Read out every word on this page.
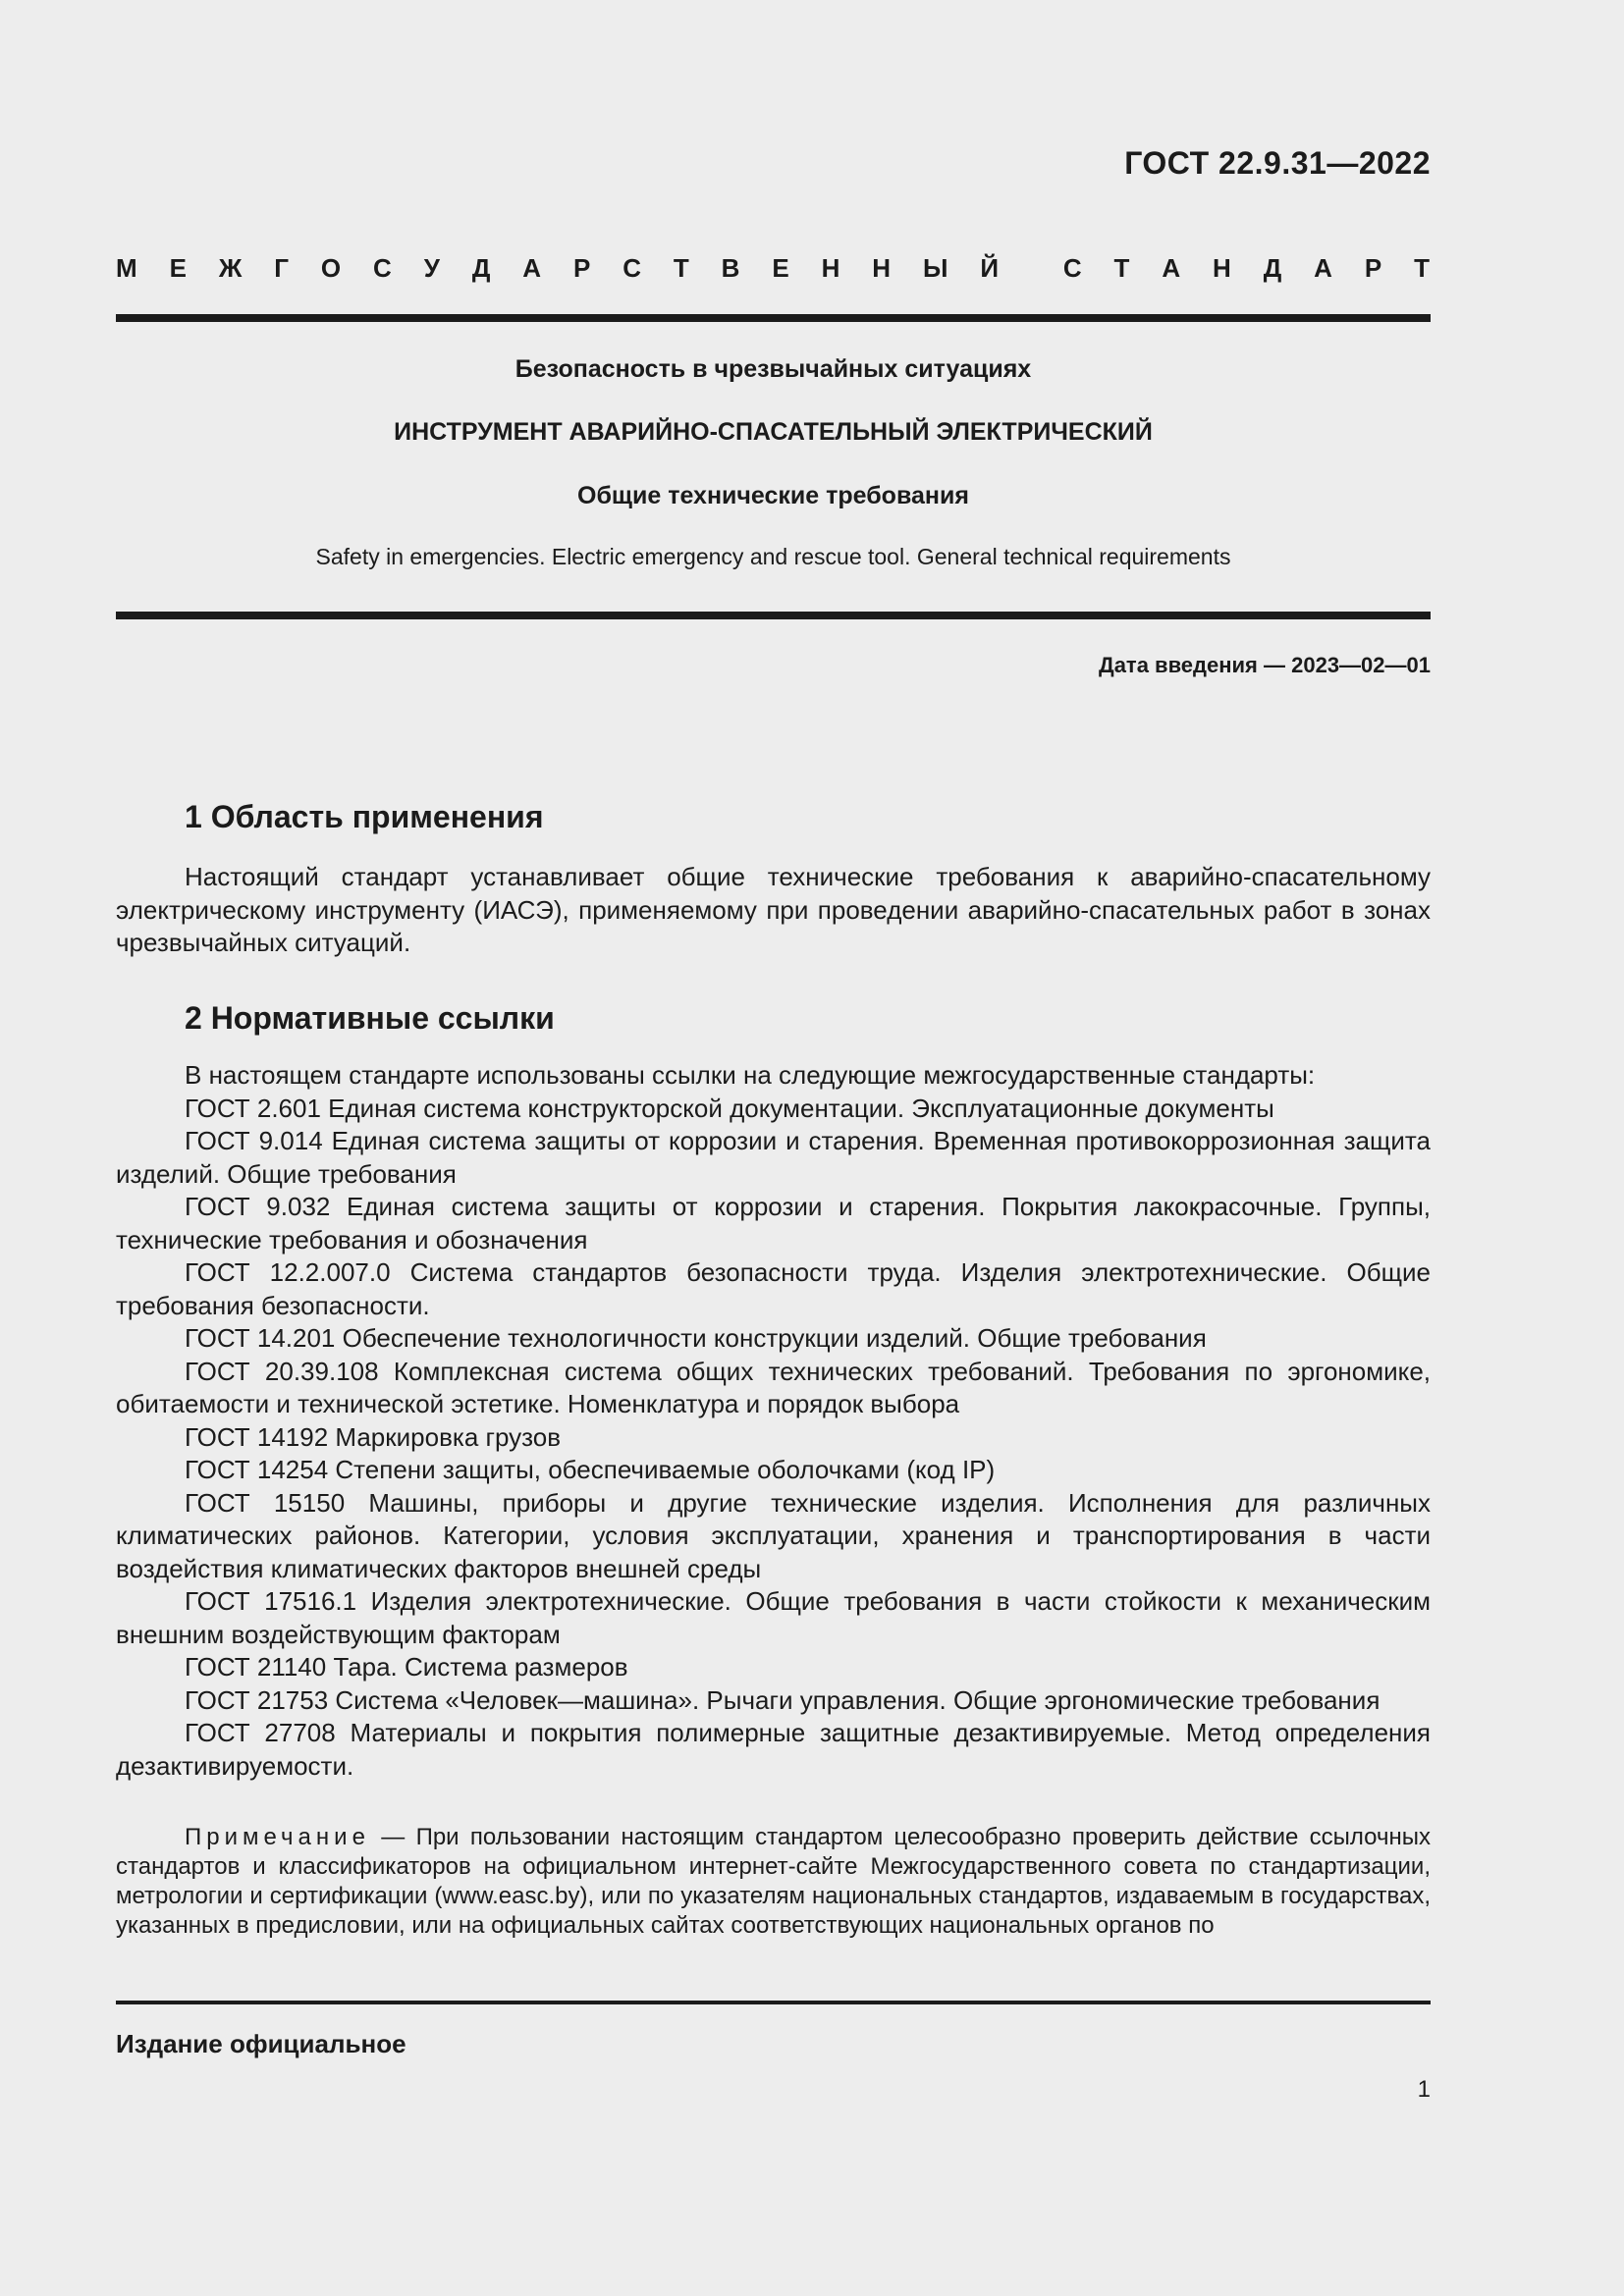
ГОСТ 22.9.31—2022
М Е Ж Г О С У Д А Р С Т В Е Н Н Ы Й	С Т А Н Д А Р Т
Безопасность в чрезвычайных ситуациях
ИНСТРУМЕНТ АВАРИЙНО-СПАСАТЕЛЬНЫЙ ЭЛЕКТРИЧЕСКИЙ
Общие технические требования
Safety in emergencies. Electric emergency and rescue tool. General technical requirements
Дата введения — 2023—02—01
1 Область применения

Настоящий стандарт устанавливает общие технические требования к аварийно-спасательному электрическому инструменту (ИАСЭ), применяемому при проведении аварийно-спасательных работ в зонах чрезвычайных ситуаций.

2 Нормативные ссылки

В настоящем стандарте использованы ссылки на следующие межгосударственные стандарты:

ГОСТ 2.601 Единая система конструкторской документации. Эксплуатационные документы

ГОСТ 9.014 Единая система защиты от коррозии и старения. Временная противокоррозионная защита изделий. Общие требования

ГОСТ 9.032 Единая система защиты от коррозии и старения. Покрытия лакокрасочные. Группы, технические требования и обозначения

ГОСТ 12.2.007.0 Система стандартов безопасности труда. Изделия электротехнические. Общие требования безопасности.

ГОСТ 14.201 Обеспечение технологичности конструкции изделий. Общие требования

ГОСТ 20.39.108 Комплексная система общих технических требований. Требования по эргономике, обитаемости и технической эстетике. Номенклатура и порядок выбора

ГОСТ 14192 Маркировка грузов

ГОСТ 14254 Степени защиты, обеспечиваемые оболочками (код IP)

ГОСТ 15150 Машины, приборы и другие технические изделия. Исполнения для различных климатических районов. Категории, условия эксплуатации, хранения и транспортирования в части воздействия климатических факторов внешней среды

ГОСТ 17516.1 Изделия электротехнические. Общие требования в части стойкости к механическим внешним воздействующим факторам

ГОСТ 21140 Тара. Система размеров

ГОСТ 21753 Система «Человек—машина». Рычаги управления. Общие эргономические требования

ГОСТ 27708 Материалы и покрытия полимерные защитные дезактивируемые. Метод определения дезактивируемости.

Примечание — При пользовании настоящим стандартом целесообразно проверить действие ссылочных стандартов и классификаторов на официальном интернет-сайте Межгосударственного совета по стандартизации, метрологии и сертификации (www.easc.by), или по указателям национальных стандартов, издаваемым в государствах, указанных в предисловии, или на официальных сайтах соответствующих национальных органов по

Издание официальное
1
